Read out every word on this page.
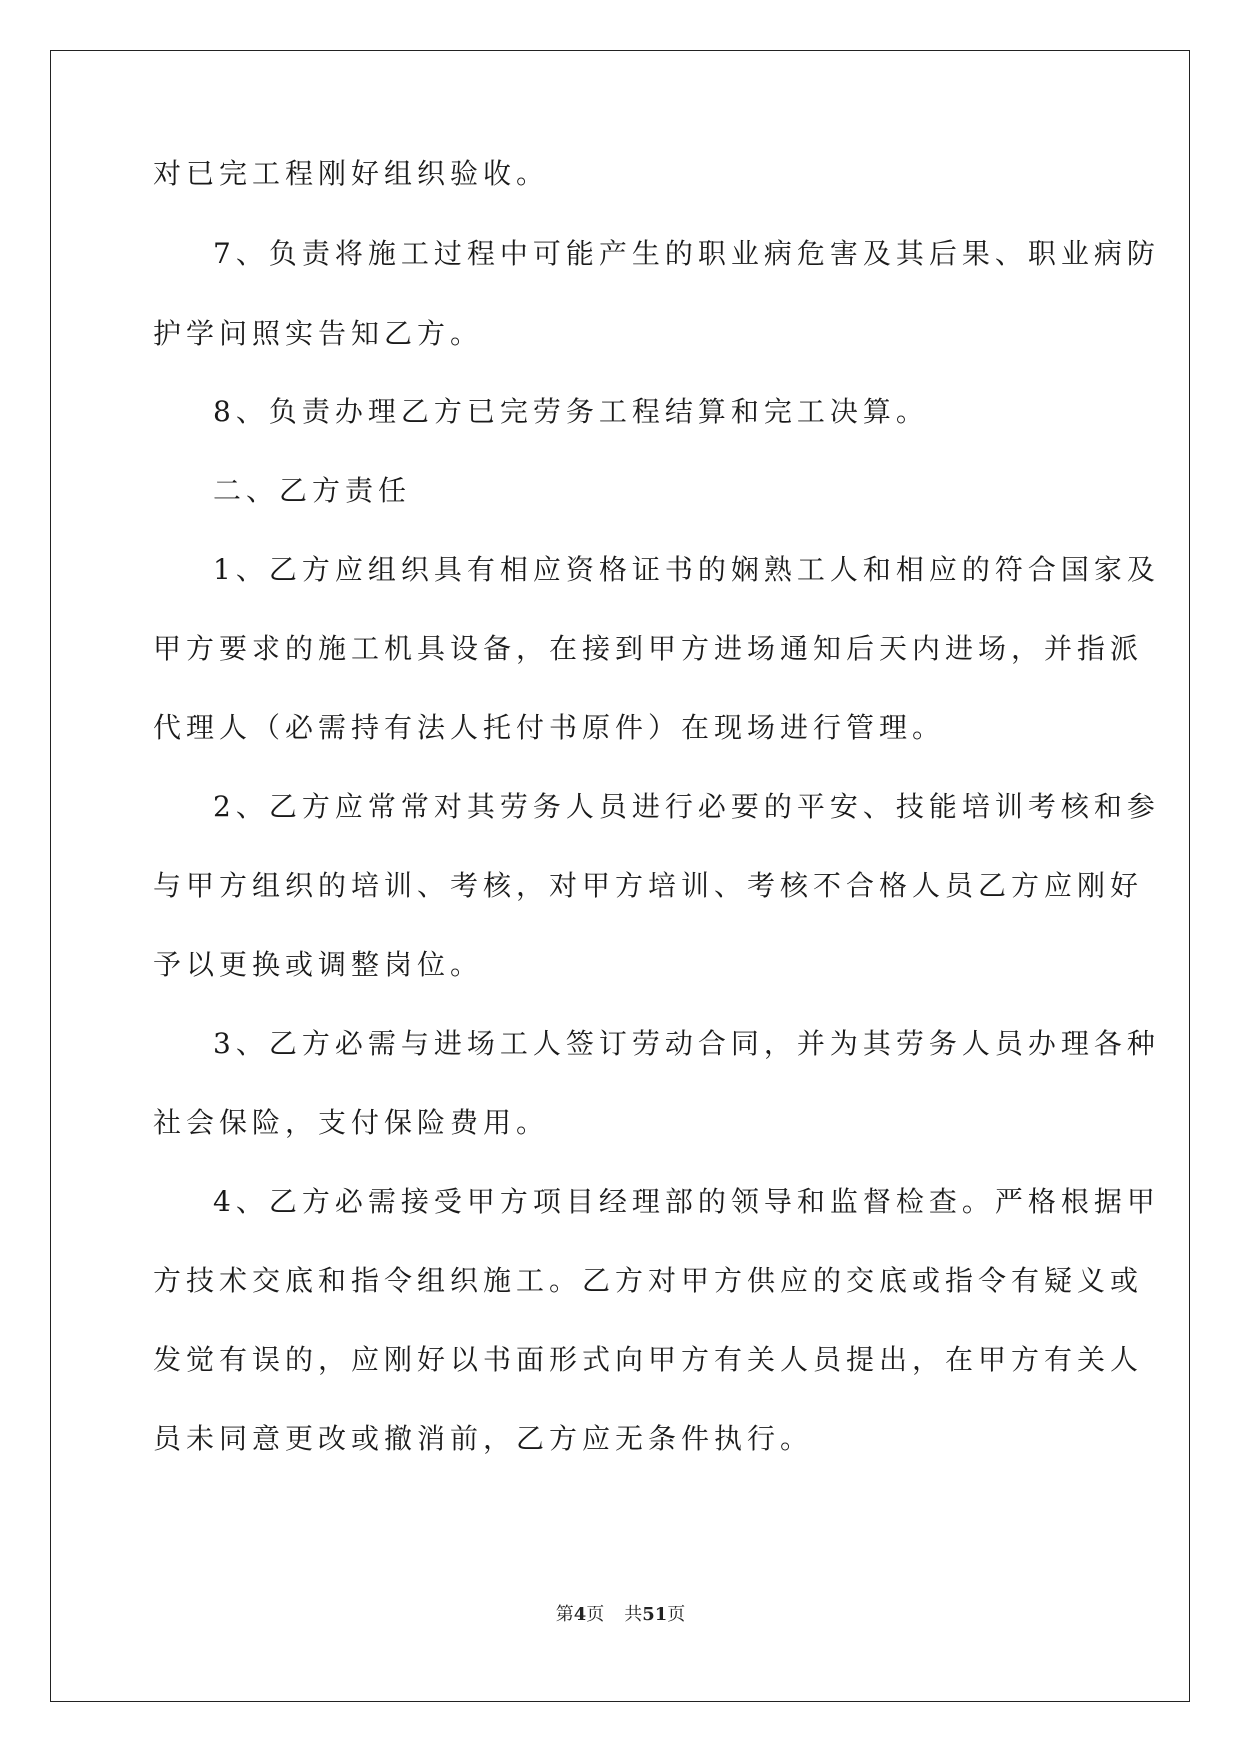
对已完工程刚好组织验收。
7、负责将施工过程中可能产生的职业病危害及其后果、职业病防
护学问照实告知乙方。
8、负责办理乙方已完劳务工程结算和完工决算。
二、乙方责任
1、乙方应组织具有相应资格证书的娴熟工人和相应的符合国家及
甲方要求的施工机具设备，在接到甲方进场通知后天内进场，并指派
代理人（必需持有法人托付书原件）在现场进行管理。
2、乙方应常常对其劳务人员进行必要的平安、技能培训考核和参
与甲方组织的培训、考核，对甲方培训、考核不合格人员乙方应刚好
予以更换或调整岗位。
3、乙方必需与进场工人签订劳动合同，并为其劳务人员办理各种
社会保险，支付保险费用。
4、乙方必需接受甲方项目经理部的领导和监督检查。严格根据甲
方技术交底和指令组织施工。乙方对甲方供应的交底或指令有疑义或
发觉有误的，应刚好以书面形式向甲方有关人员提出，在甲方有关人
员未同意更改或撤消前，乙方应无条件执行。
第4页 共51页
